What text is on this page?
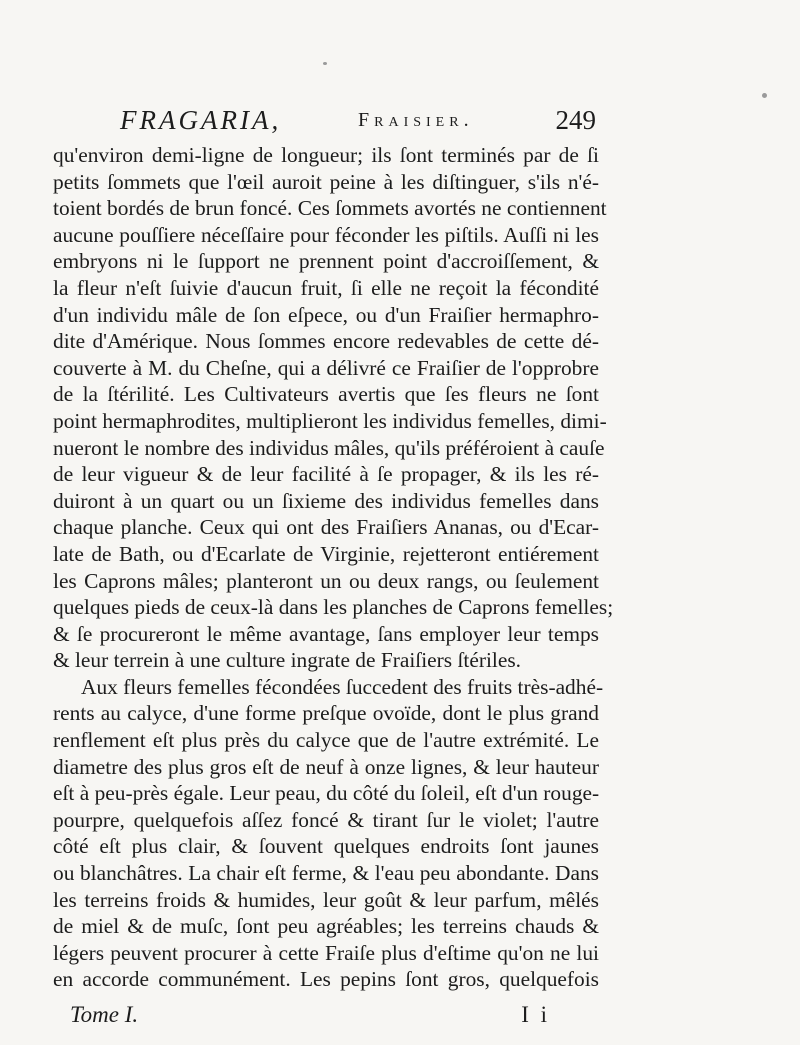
FRAGARIA,	Fraisier.	249
qu'environ demi-ligne de longueur; ils ſont terminés par de ſi
petits ſommets que l'œil auroit peine à les diſtinguer, s'ils n'é-
toient bordés de brun foncé. Ces ſommets avortés ne contiennent
aucune pouſſiere néceſſaire pour féconder les piſtils. Auſſi ni les
embryons ni le ſupport ne prennent point d'accroiſſement, &
la fleur n'eſt ſuivie d'aucun fruit, ſi elle ne reçoit la fécondité
d'un individu mâle de ſon eſpece, ou d'un Fraiſier hermaphro-
dite d'Amérique. Nous ſommes encore redevables de cette dé-
couverte à M. du Cheſne, qui a délivré ce Fraiſier de l'opprobre
de la ſtérilité. Les Cultivateurs avertis que ſes fleurs ne ſont
point hermaphrodites, multiplieront les individus femelles, dimi-
nueront le nombre des individus mâles, qu'ils préféroient à cauſe
de leur vigueur & de leur facilité à ſe propager, & ils les ré-
duiront à un quart ou un ſixieme des individus femelles dans
chaque planche. Ceux qui ont des Fraiſiers Ananas, ou d'Ecar-
late de Bath, ou d'Ecarlate de Virginie, rejetteront entiérement
les Caprons mâles; planteront un ou deux rangs, ou ſeulement
quelques pieds de ceux-là dans les planches de Caprons femelles;
& ſe procureront le même avantage, ſans employer leur temps
& leur terrein à une culture ingrate de Fraiſiers ſtériles.
Aux fleurs femelles fécondées ſuccedent des fruits très-adhé-
rents au calyce, d'une forme preſque ovoïde, dont le plus grand
renflement eſt plus près du calyce que de l'autre extrémité. Le
diametre des plus gros eſt de neuf à onze lignes, & leur hauteur
eſt à peu-près égale. Leur peau, du côté du ſoleil, eſt d'un rouge-
pourpre, quelquefois aſſez foncé & tirant ſur le violet; l'autre
côté eſt plus clair, & ſouvent quelques endroits ſont jaunes
ou blanchâtres. La chair eſt ferme, & l'eau peu abondante. Dans
les terreins froids & humides, leur goût & leur parfum, mêlés
de miel & de muſc, ſont peu agréables; les terreins chauds &
légers peuvent procurer à cette Fraiſe plus d'eſtime qu'on ne lui
en accorde communément. Les pepins ſont gros, quelquefois
Tome I.	I i
